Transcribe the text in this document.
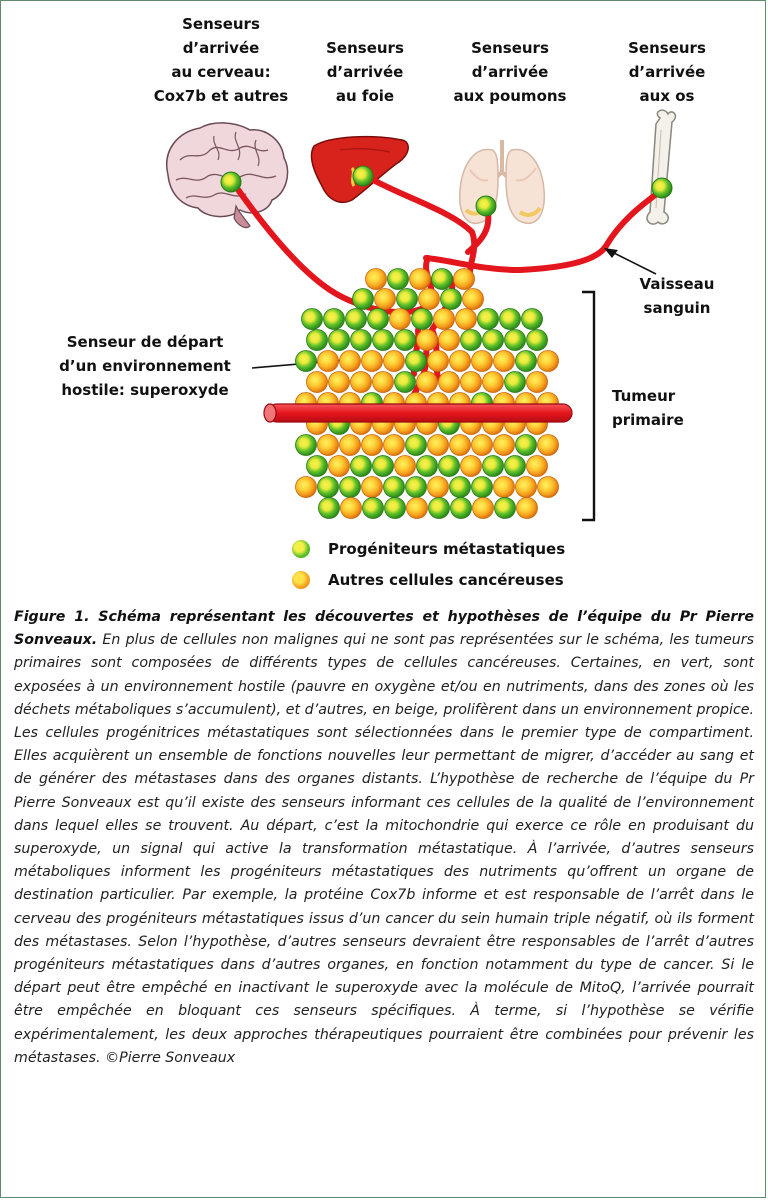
Senseurs
d’arrivée
au cerveau:
Cox7b et autres
Senseurs
d’arrivée
au foie
Senseurs
d’arrivée
aux poumons
Senseurs
d’arrivée
aux os
Vaisseau
sanguin
Tumeur
primaire
Senseur de départ
d’un environnement
hostile: superoxyde
Progéniteurs métastatiques
Autres cellules cancéreuses
Figure 1. Schéma représentant les découvertes et hypothèses de l’équipe du Pr Pierre Sonveaux. En plus de cellules non malignes qui ne sont pas représentées sur le schéma, les tumeurs primaires sont composées de différents types de cellules cancéreuses. Certaines, en vert, sont exposées à un environnement hostile (pauvre en oxygène et/ou en nutriments, dans des zones où les déchets métaboliques s’accumulent), et d’autres, en beige, prolifèrent dans un environnement propice. Les cellules progénitrices métastatiques sont sélectionnées dans le premier type de compartiment. Elles acquièrent un ensemble de fonctions nouvelles leur permettant de migrer, d’accéder au sang et de générer des métastases dans des organes distants. L’hypothèse de recherche de l’équipe du Pr Pierre Sonveaux est qu’il existe des senseurs informant ces cellules de la qualité de l’environnement dans lequel elles se trouvent. Au départ, c’est la mitochondrie qui exerce ce rôle en produisant du superoxyde, un signal qui active la transformation métastatique. À l’arrivée, d’autres senseurs métaboliques informent les progéniteurs métastatiques des nutriments qu’offrent un organe de destination particulier. Par exemple, la protéine Cox7b informe et est responsable de l’arrêt dans le cerveau des progéniteurs métastatiques issus d’un cancer du sein humain triple négatif, où ils forment des métastases. Selon l’hypothèse, d’autres senseurs devraient être responsables de l’arrêt d’autres progéniteurs métastatiques dans d’autres organes, en fonction notamment du type de cancer. Si le départ peut être empêché en inactivant le superoxyde avec la molécule de MitoQ, l’arrivée pourrait être empêchée en bloquant ces senseurs spécifiques. À terme, si l’hypothèse se vérifie expérimentalement, les deux approches thérapeutiques pourraient être combinées pour prévenir les métastases. ©Pierre Sonveaux
